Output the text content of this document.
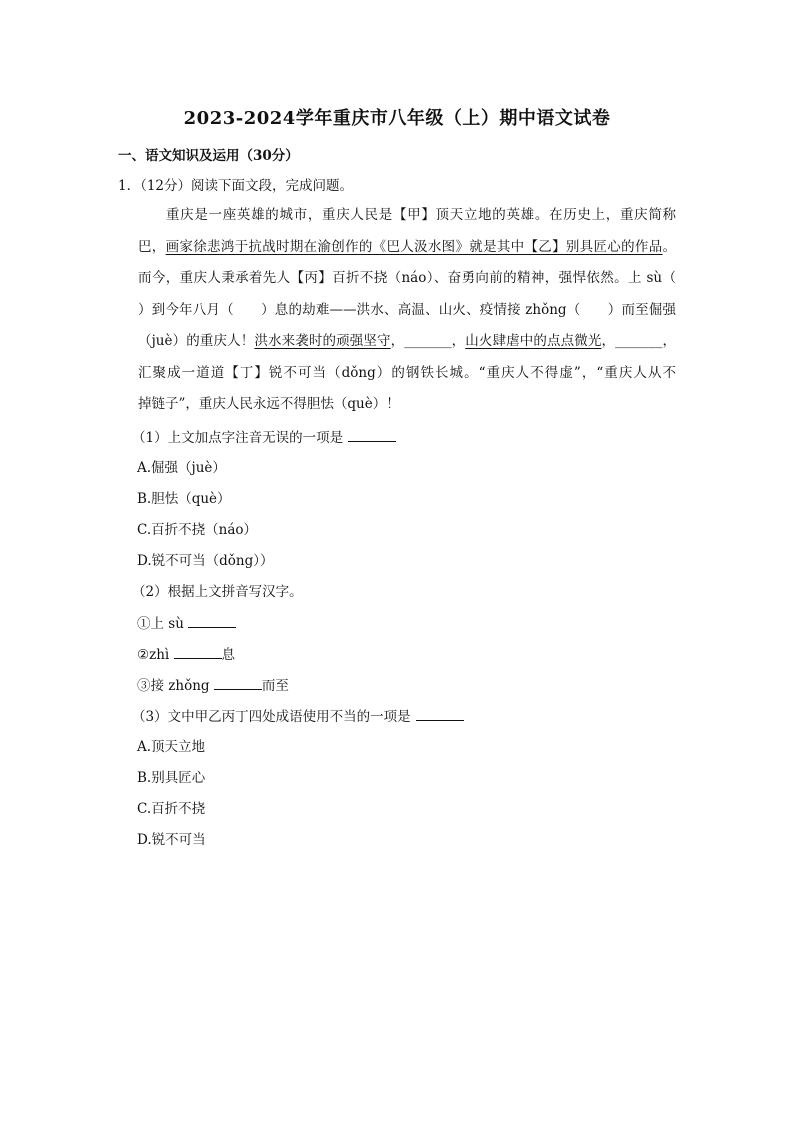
2023-2024学年重庆市八年级（上）期中语文试卷
一、语文知识及运用（30分）
1．（12分）阅读下面文段，完成问题。
重庆是一座英雄的城市，重庆人民是【甲】顶天立地的英雄。在历史上，重庆简称
巴，画家徐悲鸿于抗战时期在渝创作的《巴人汲水图》就是其中【乙】别具匠心的作品。
而今，重庆人秉承着先人【丙】百折不挠（náo）、奋勇向前的精神，强悍依然。上 sù（
）到今年八月（　　）息的劫难——洪水、高温、山火、疫情接 zhǒng（　　）而至倔强
（juè）的重庆人！洪水来袭时的顽强坚守，_______，山火肆虐中的点点微光，_______，
汇聚成一道道【丁】锐不可当（dǒng）的钢铁长城。“重庆人不得虚”，“重庆人从不
掉链子”，重庆人民永远不得胆怯（què）！
（1）上文加点字注音无误的一项是
A.倔强（juè）
B.胆怯（què）
C.百折不挠（náo）
D.锐不可当（dǒng））
（2）根据上文拼音写汉字。
①上 sù
②zhì	息
③接 zhǒng	而至
（3）文中甲乙丙丁四处成语使用不当的一项是
A.顶天立地
B.别具匠心
C.百折不挠
D.锐不可当
